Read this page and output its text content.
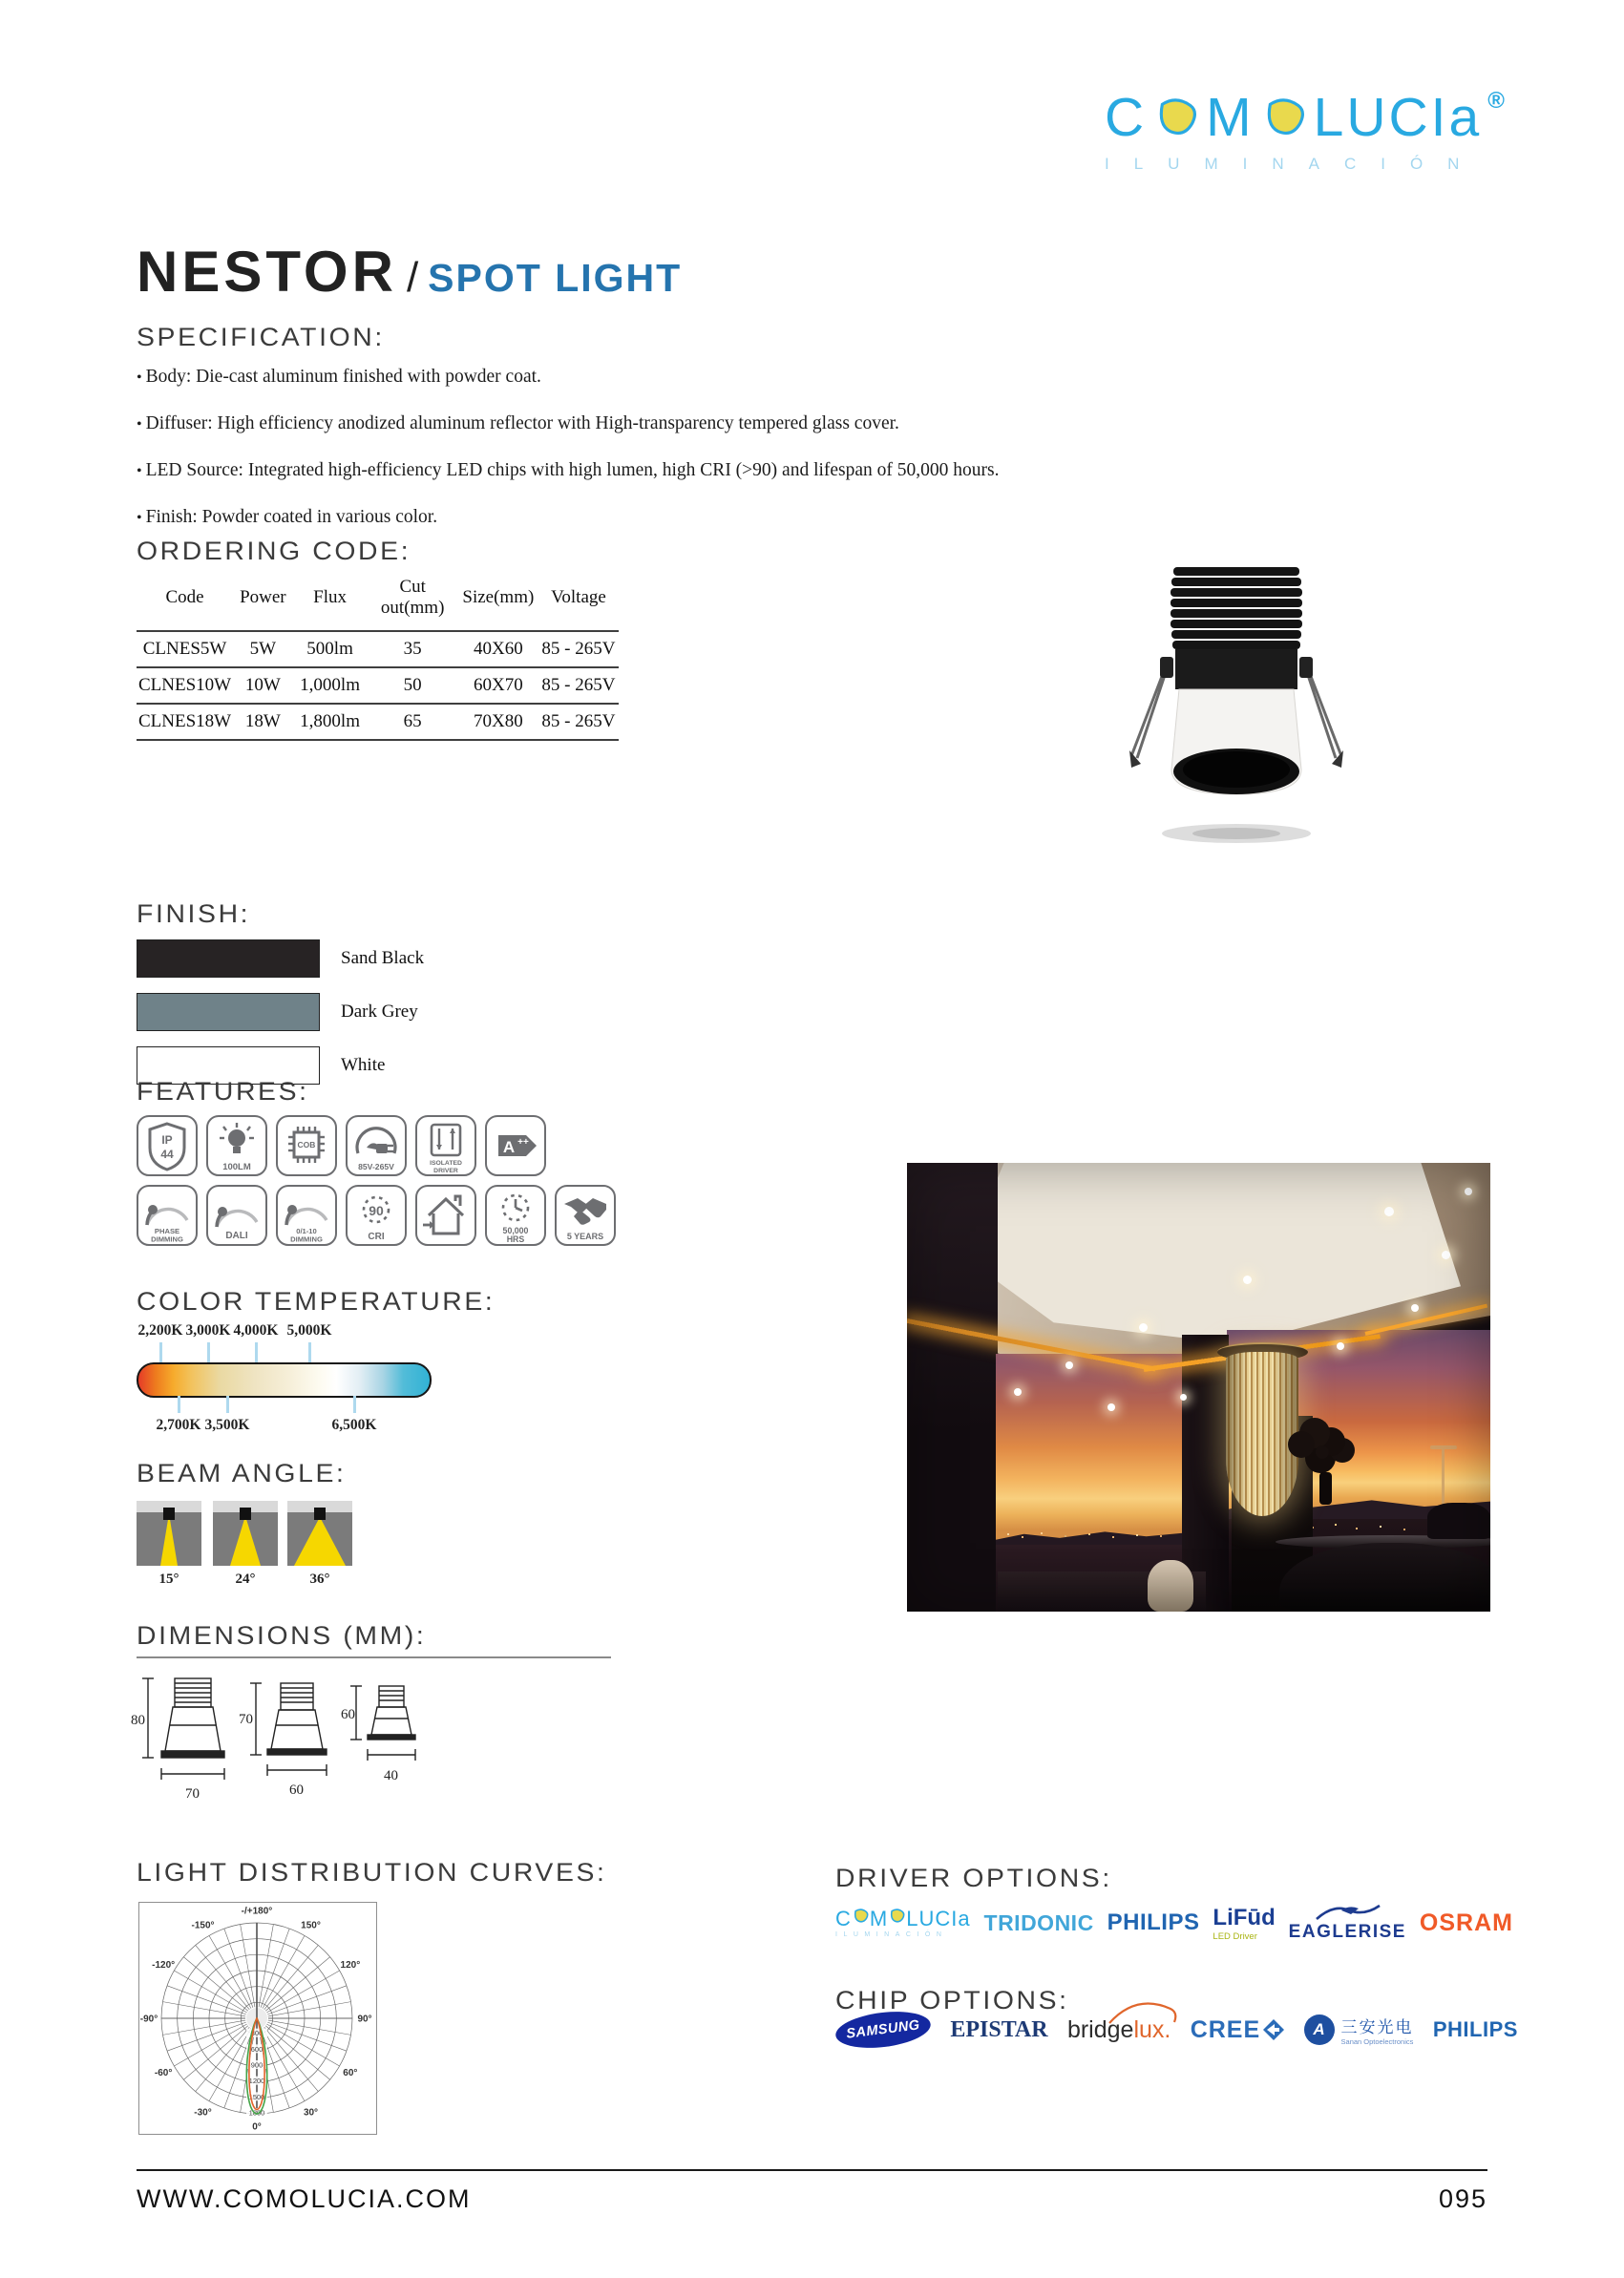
C M LUCIa ®
ILUMINACIÓN
NESTOR / SPOT LIGHT
SPECIFICATION:
• Body: Die-cast aluminum finished with powder coat.
• Diffuser: High efficiency anodized aluminum reflector with High-transparency tempered glass cover.
• LED Source: Integrated high-efficiency LED chips with high lumen, high CRI (>90) and lifespan of 50,000 hours.
• Finish: Powder coated in various color.
ORDERING CODE:
Code	Power	Flux	Cut out(mm)	Size(mm)	Voltage
CLNES5W	5W	500lm	35	40X60	85 - 265V
CLNES10W	10W	1,000lm	50	60X70	85 - 265V
CLNES18W	18W	1,800lm	65	70X80	85 - 265V
FINISH:
Sand Black
Dark Grey
White
FEATURES:
IP
44
100LM
COB
85V-265V	ISOLATED
DRIVER
A ++
PHASE
DIMMING	DALI	0/1-10
DIMMING
90
CRI
50,000
HRS	5 YEARS
COLOR TEMPERATURE:
2,200K 3,000K 4,000K 5,000K
2,700K 3,500K	6,500K
BEAM ANGLE:
15°	24°	36°
DIMENSIONS (MM):
80
70
70
60
60
40
LIGHT DISTRIBUTION CURVES:
0°
30°
60°
90°
120°
150°
-/+180°
-30°
-60°
-90°
-120°
-150°
300
600
900
1200
1500
1800
DRIVER OPTIONS:
C M LUCIa
ILUMINACIÓN TRIDONIC PHILIPS LiFūd
LED Driver EAGLERISE OSRAM
CHIP OPTIONS:
SAMSUNG EPISTAR bridge lux . CREE	A 三安光电
Sanan Optoelectronics
PHILIPS
WWW.COMOLUCIA.COM	095
